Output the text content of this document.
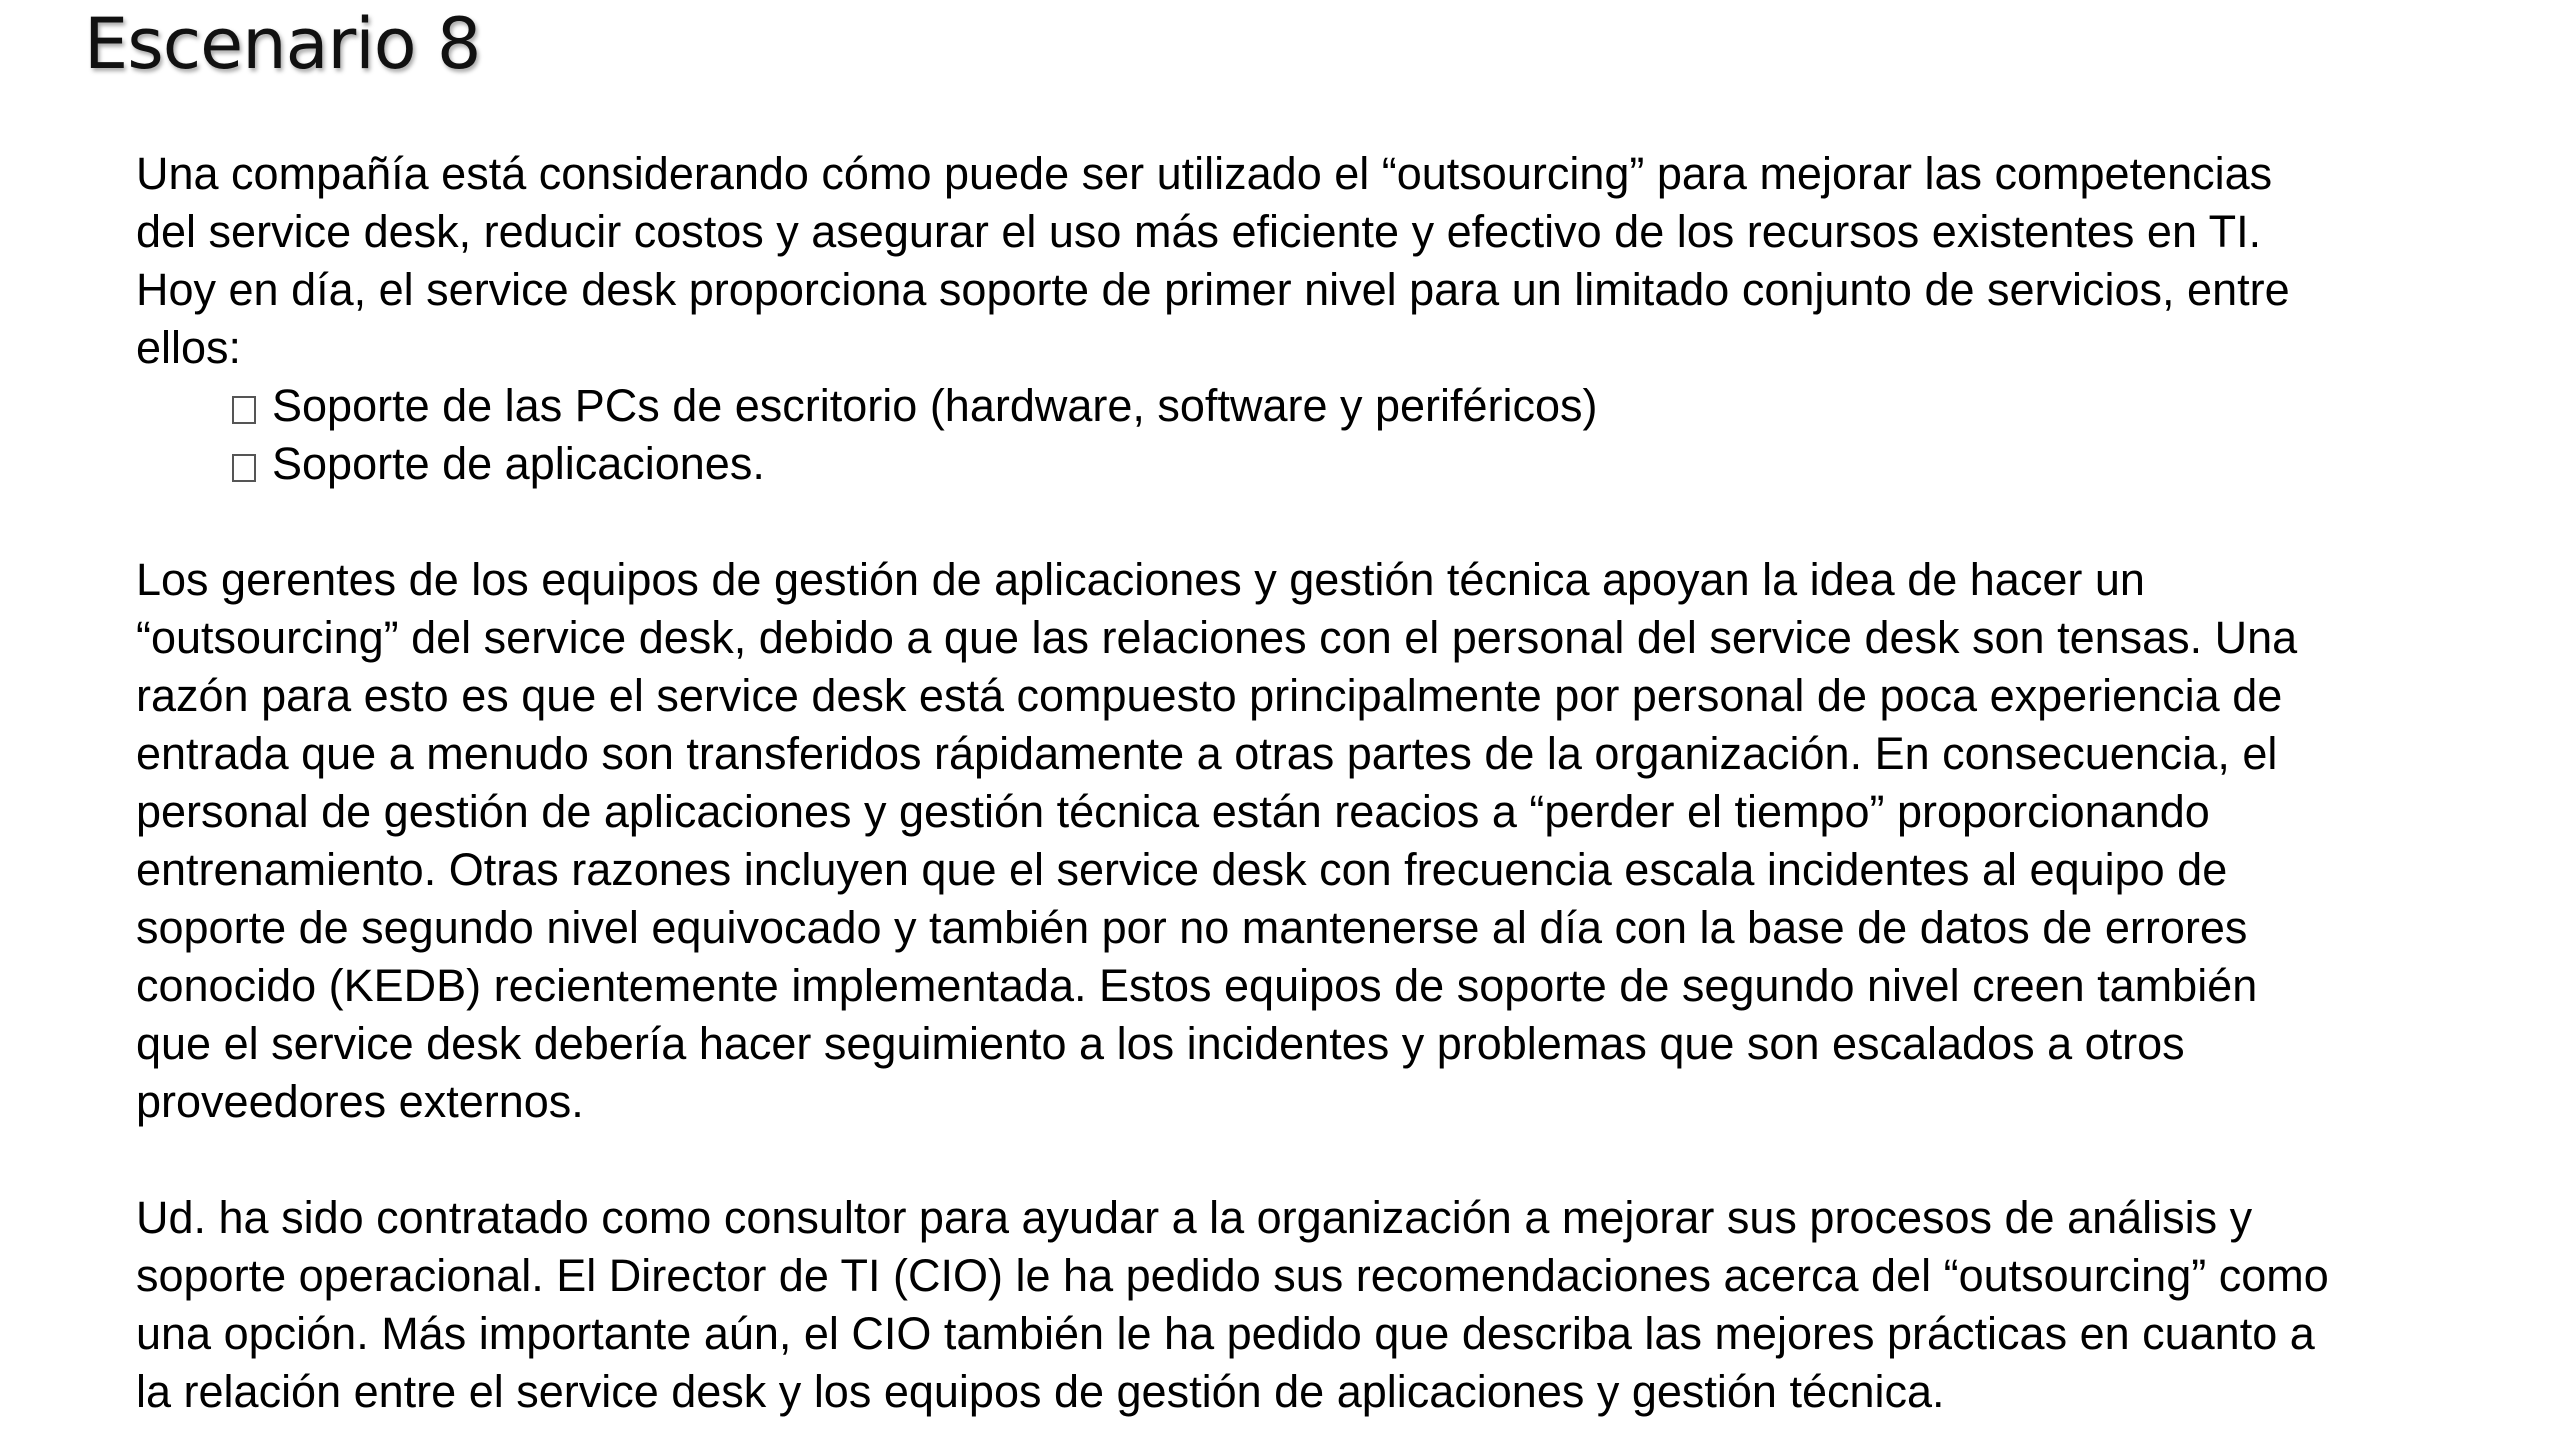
Escenario 8

Una compañía está considerando cómo puede ser utilizado el “outsourcing” para mejorar las competencias
del service desk, reducir costos y asegurar el uso más eficiente y efectivo de los recursos existentes en TI.
Hoy en día, el service desk proporciona soporte de primer nivel para un limitado conjunto de servicios, entre
ellos:

Soporte de las PCs de escritorio (hardware, software y periféricos)
Soporte de aplicaciones.

Los gerentes de los equipos de gestión de aplicaciones y gestión técnica apoyan la idea de hacer un
“outsourcing” del service desk, debido a que las relaciones con el personal del service desk son tensas. Una
razón para esto es que el service desk está compuesto principalmente por personal de poca experiencia de
entrada que a menudo son transferidos rápidamente a otras partes de la organización. En consecuencia, el
personal de gestión de aplicaciones y gestión técnica están reacios a “perder el tiempo” proporcionando
entrenamiento. Otras razones incluyen que el service desk con frecuencia escala incidentes al equipo de
soporte de segundo nivel equivocado y también por no mantenerse al día con la base de datos de errores
conocido (KEDB) recientemente implementada. Estos equipos de soporte de segundo nivel creen también
que el service desk debería hacer seguimiento a los incidentes y problemas que son escalados a otros
proveedores externos.

Ud. ha sido contratado como consultor para ayudar a la organización a mejorar sus procesos de análisis y
soporte operacional. El Director de TI (CIO) le ha pedido sus recomendaciones acerca del “outsourcing” como
una opción. Más importante aún, el CIO también le ha pedido que describa las mejores prácticas en cuanto a
la relación entre el service desk y los equipos de gestión de aplicaciones y gestión técnica.
